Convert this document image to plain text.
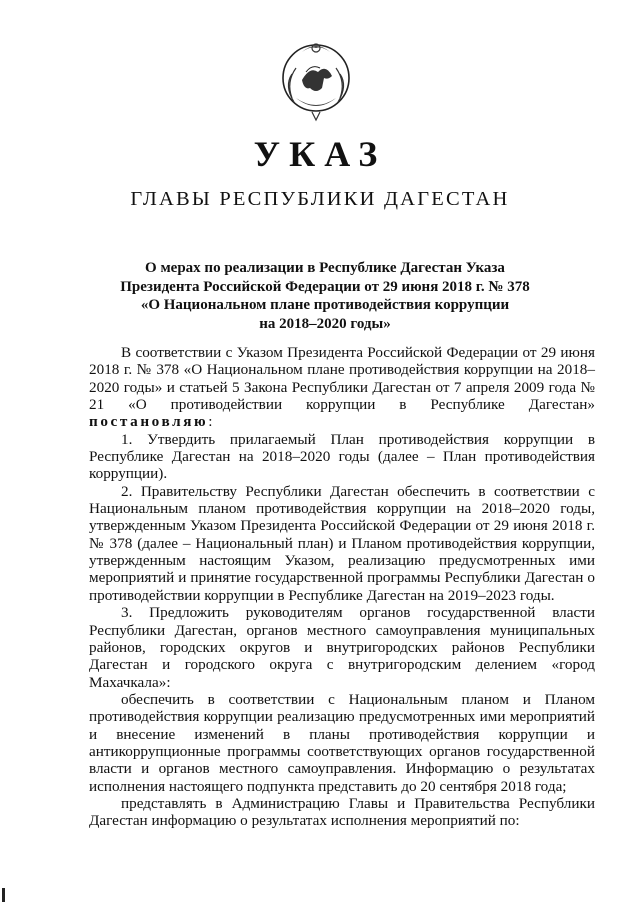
УКАЗ
ГЛАВЫ РЕСПУБЛИКИ ДАГЕСТАН
О мерах по реализации в Республике Дагестан Указа
Президента Российской Федерации от 29 июня 2018 г. № 378
«О Национальном плане противодействия коррупции
на 2018–2020 годы»

В соответствии с Указом Президента Российской Федерации от 29 июня 2018 г. № 378 «О Национальном плане противодействия коррупции на 2018–2020 годы» и статьей 5 Закона Республики Дагестан от 7 апреля 2009 года № 21 «О противодействии коррупции в Республике Дагестан» постановляю:

1. Утвердить прилагаемый План противодействия коррупции в Республике Дагестан на 2018–2020 годы (далее – План противодействия коррупции).

2. Правительству Республики Дагестан обеспечить в соответствии с Национальным планом противодействия коррупции на 2018–2020 годы, утвержденным Указом Президента Российской Федерации от 29 июня 2018 г. № 378 (далее – Национальный план) и Планом противодействия коррупции, утвержденным настоящим Указом, реализацию предусмотренных ими мероприятий и принятие государственной программы Республики Дагестан о противодействии коррупции в Республике Дагестан на 2019–2023 годы.

3. Предложить руководителям органов государственной власти Республики Дагестан, органов местного самоуправления муниципальных районов, городских округов и внутригородских районов Республики Дагестан и городского округа с внутригородским делением «город Махачкала»:

обеспечить в соответствии с Национальным планом и Планом противодействия коррупции реализацию предусмотренных ими мероприятий и внесение изменений в планы противодействия коррупции и антикоррупционные программы соответствующих органов государственной власти и органов местного самоуправления. Информацию о результатах исполнения настоящего подпункта представить до 20 сентября 2018 года;

представлять в Администрацию Главы и Правительства Республики Дагестан информацию о результатах исполнения мероприятий по:
